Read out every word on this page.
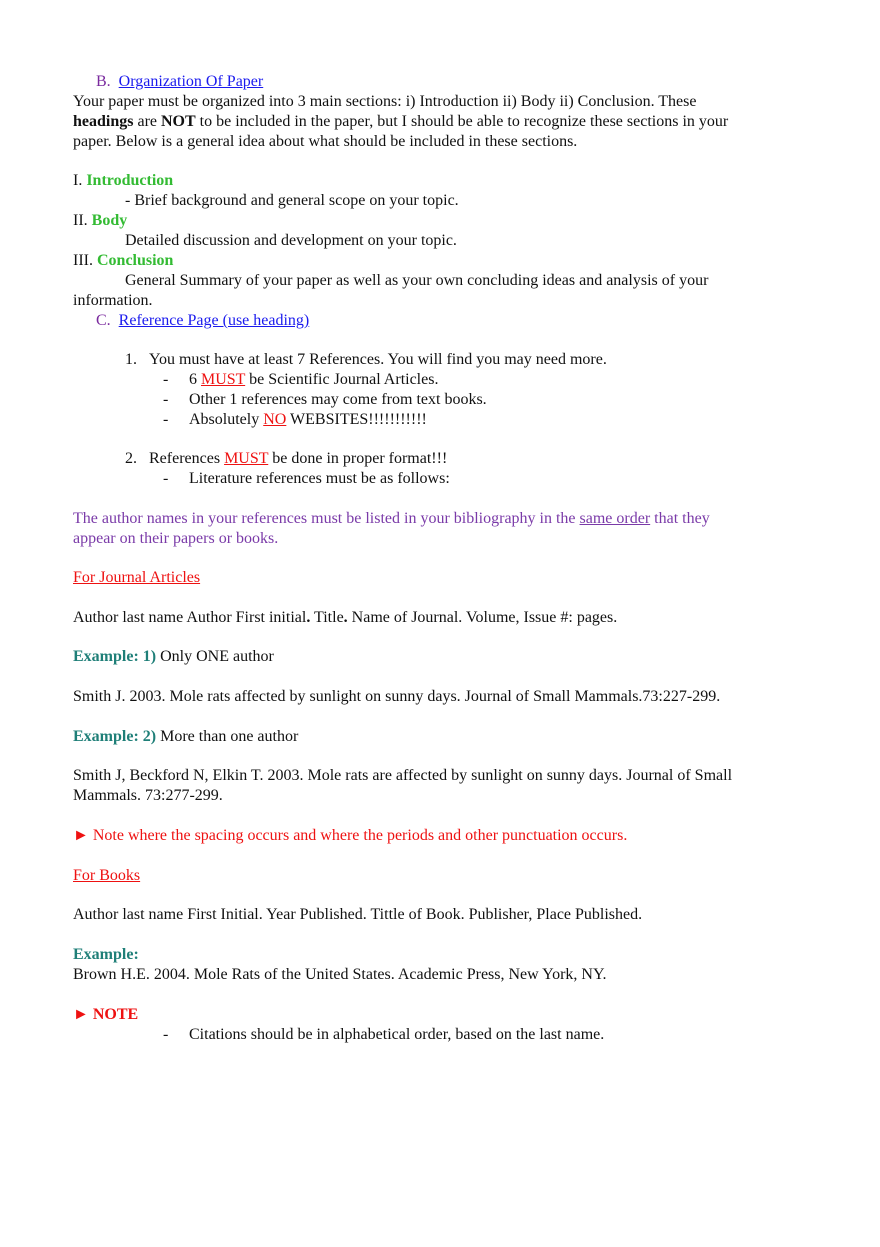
B. Organization Of Paper
Your paper must be organized into 3 main sections: i) Introduction ii) Body ii) Conclusion. These
headings are NOT to be included in the paper, but I should be able to recognize these sections in your
paper. Below is a general idea about what should be included in these sections.
I. Introduction
- Brief background and general scope on your topic.
II. Body
Detailed discussion and development on your topic.
III. Conclusion
General Summary of your paper as well as your own concluding ideas and analysis of your
information.
C. Reference Page (use heading)
1. You must have at least 7 References. You will find you may need more.
- 6 MUST be Scientific Journal Articles.
- Other 1 references may come from text books.
- Absolutely NO WEBSITES!!!!!!!!!!!
2. References MUST be done in proper format!!!
- Literature references must be as follows:
The author names in your references must be listed in your bibliography in the same order that they
appear on their papers or books.
For Journal Articles
Author last name Author First initial. Title. Name of Journal. Volume, Issue #: pages.
Example: 1) Only ONE author
Smith J. 2003. Mole rats affected by sunlight on sunny days. Journal of Small Mammals.73:227-299.
Example: 2) More than one author
Smith J, Beckford N, Elkin T. 2003. Mole rats are affected by sunlight on sunny days. Journal of Small
Mammals. 73:277-299.
► Note where the spacing occurs and where the periods and other punctuation occurs.
For Books
Author last name First Initial. Year Published. Tittle of Book. Publisher, Place Published.
Example:
Brown H.E. 2004. Mole Rats of the United States. Academic Press, New York, NY.
► NOTE
- Citations should be in alphabetical order, based on the last name.
